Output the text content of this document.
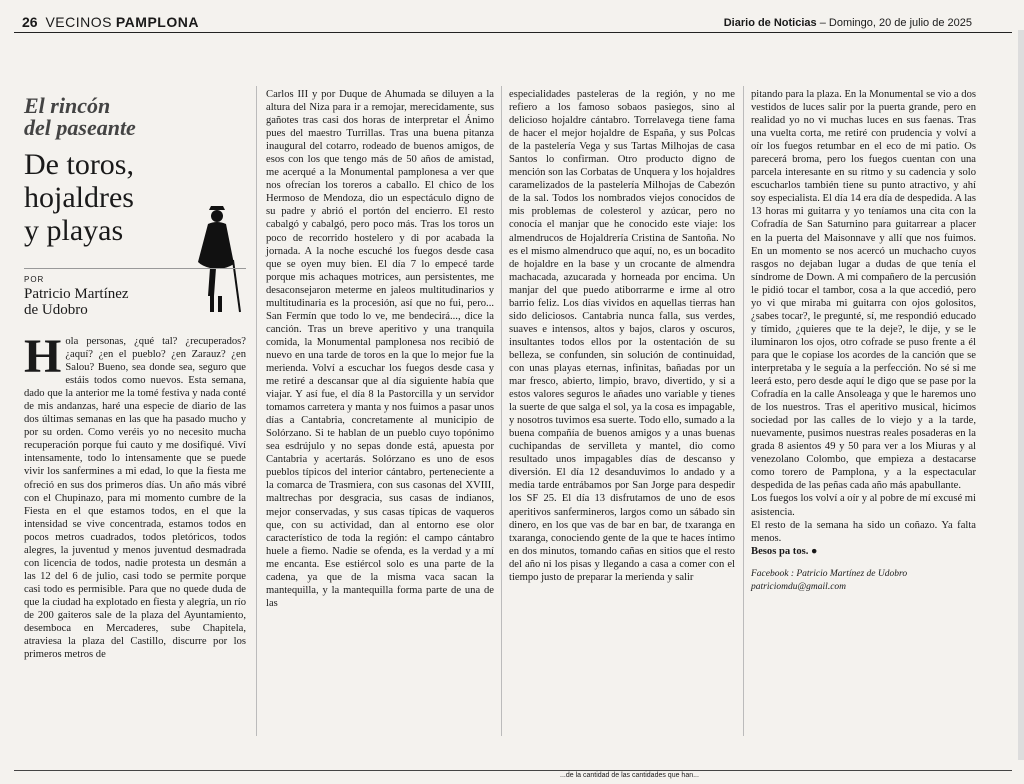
26 VECINOS PAMPLONA	Diario de Noticias – Domingo, 20 de julio de 2025
El rincón
del paseante
De toros,
hojaldres
y playas
POR
Patricio Martínez
de Udobro

Hola personas, ¿qué tal? ¿recuperados? ¿aquí? ¿en el pueblo? ¿en Zarauz? ¿en Salou? Bueno, sea donde sea, seguro que estáis todos como nuevos. Esta semana, dado que la anterior me la tomé festiva y nada conté de mis andanzas, haré una especie de diario de las dos últimas semanas en las que ha pasado mucho y por su orden. Como veréis yo no necesito mucha recuperación porque fui cauto y me dosifiqué. Viví intensamente, todo lo intensamente que se puede vivir los sanfermines a mi edad, lo que la fiesta me ofreció en sus dos primeros días. Un año más vibré con el Chupinazo, para mi momento cumbre de la Fiesta en el que estamos todos, en el que la intensidad se vive concentrada, estamos todos en pocos metros cuadrados, todos pletóricos, todos alegres, la juventud y menos juventud desmadrada con licencia de todos, nadie protesta un desmán a las 12 del 6 de julio, casi todo se permite porque casi todo es permisible. Para que no quede duda de que la ciudad ha explotado en fiesta y alegría, un río de 200 gaiteros sale de la plaza del Ayuntamiento, desemboca en Mercaderes, sube Chapitela, atraviesa la plaza del Castillo, discurre por los primeros metros de

Carlos III y por Duque de Ahumada se diluyen a la altura del Niza para ir a remojar, merecidamente, sus gañotes tras casi dos horas de interpretar el Ánimo pues del maestro Turrillas. Tras una buena pitanza inaugural del cotarro, rodeado de buenos amigos, de esos con los que tengo más de 50 años de amistad, me acerqué a la Monumental pamplonesa a ver que nos ofrecían los toreros a caballo. El chico de los Hermoso de Mendoza, dio un espectáculo digno de su padre y abrió el portón del encierro. El resto cabalgó y cabalgó, pero poco más. Tras los toros un poco de recorrido hostelero y di por acabada la jornada. A la noche escuché los fuegos desde casa que se oyen muy bien. El día 7 lo empecé tarde porque mis achaques motrices, aun persistentes, me desaconsejaron meterme en jaleos multitudinarios y multitudinaria es la procesión, así que no fui, pero... San Fermín que todo lo ve, me bendecirá..., dice la canción. Tras un breve aperitivo y una tranquila comida, la Monumental pamplonesa nos recibió de nuevo en una tarde de toros en la que lo mejor fue la merienda. Volví a escuchar los fuegos desde casa y me retiré a descansar que al día siguiente había que viajar. Y así fue, el día 8 la Pastorcilla y un servidor tomamos carretera y manta y nos fuimos a pasar unos días a Cantabria, concretamente al municipio de Solórzano. Si te hablan de un pueblo cuyo topónimo sea esdrújulo y no sepas donde está, apuesta por Cantabria y acertarás. Solórzano es uno de esos pueblos típicos del interior cántabro, perteneciente a la comarca de Trasmiera, con sus casonas del XVIII, maltrechas por desgracia, sus casas de indianos, mejor conservadas, y sus casas típicas de vaqueros que, con su actividad, dan al entorno ese olor característico de toda la región: el campo cántabro huele a fiemo. Nadie se ofenda, es la verdad y a mí me encanta. Ese estiércol solo es una parte de la cadena, ya que de la misma vaca sacan la mantequilla, y la mantequilla forma parte de una de las

especialidades pasteleras de la región, y no me refiero a los famoso sobaos pasiegos, sino al delicioso hojaldre cántabro. Torrelavega tiene fama de hacer el mejor hojaldre de España, y sus Polcas de la pastelería Vega y sus Tartas Milhojas de casa Santos lo confirman. Otro producto digno de mención son las Corbatas de Unquera y los hojaldres caramelizados de la pastelería Milhojas de Cabezón de la sal. Todos los nombrados viejos conocidos de mis problemas de colesterol y azúcar, pero no conocía el manjar que he conocido este viaje: los almendrucos de Hojaldrería Cristina de Santoña. No es el mismo almendruco que aquí, no, es un bocadito de hojaldre en la base y un crocante de almendra machacada, azucarada y horneada por encima. Un manjar del que puedo atiborrarme e irme al otro barrio feliz. Los días vividos en aquellas tierras han sido deliciosos. Cantabria nunca falla, sus verdes, suaves e intensos, altos y bajos, claros y oscuros, insultantes todos ellos por la ostentación de su belleza, se confunden, sin solución de continuidad, con unas playas eternas, infinitas, bañadas por un mar fresco, abierto, limpio, bravo, divertido, y si a estos valores seguros le añades uno variable y tienes la suerte de que salga el sol, ya la cosa es impagable, y nosotros tuvimos esa suerte. Todo ello, sumado a la buena compañía de buenos amigos y a unas buenas cuchipandas de servilleta y mantel, dio como resultado unos impagables días de descanso y diversión. El día 12 desanduvimos lo andado y a media tarde entrábamos por San Jorge para despedir los SF 25. El día 13 disfrutamos de uno de esos aperitivos sanfermineros, largos como un sábado sin dinero, en los que vas de bar en bar, de txaranga en txaranga, conociendo gente de la que te haces íntimo en dos minutos, tomando cañas en sitios que el resto del año ni los pisas y llegando a casa a comer con el tiempo justo de preparar la merienda y salir

pitando para la plaza. En la Monumental se vio a dos vestidos de luces salir por la puerta grande, pero en realidad yo no vi muchas luces en sus faenas. Tras una vuelta corta, me retiré con prudencia y volví a oír los fuegos retumbar en el eco de mi patio. Os parecerá broma, pero los fuegos cuentan con una parcela interesante en su ritmo y su cadencia y solo escucharlos también tiene su punto atractivo, y ahí soy especialista. El día 14 era día de despedida. A las 13 horas mi guitarra y yo teníamos una cita con la Cofradía de San Saturnino para guitarrear a placer en la puerta del Maisonnave y allí que nos fuimos. En un momento se nos acercó un muchacho cuyos rasgos no dejaban lugar a dudas de que tenía el síndrome de Down. A mi compañero de la percusión le pidió tocar el tambor, cosa a la que accedió, pero yo vi que miraba mi guitarra con ojos golositos, ¿sabes tocar?, le pregunté, sí, me respondió educado y tímido, ¿quieres que te la deje?, le dije, y se le iluminaron los ojos, otro cofrade se puso frente a él para que le copiase los acordes de la canción que se interpretaba y le seguía a la perfección. No sé si me leerá esto, pero desde aquí le digo que se pase por la Cofradía en la calle Ansoleaga y que le haremos uno de los nuestros. Tras el aperitivo musical, hicimos sociedad por las calles de lo viejo y a la tarde, nuevamente, pusimos nuestras reales posaderas en la grada 8 asientos 49 y 50 para ver a los Miuras y al venezolano Colombo, que empieza a destacarse como torero de Pamplona, y a la espectacular despedida de las peñas cada año más apabullante.

Los fuegos los volví a oír y al pobre de mí excusé mi asistencia.

El resto de la semana ha sido un coñazo. Ya falta menos.

Besos pa tos. ●

Facebook : Patricio Martínez de Udobro
patriciomdu@gmail.com
...de la cantidad de las cantidades que han...
